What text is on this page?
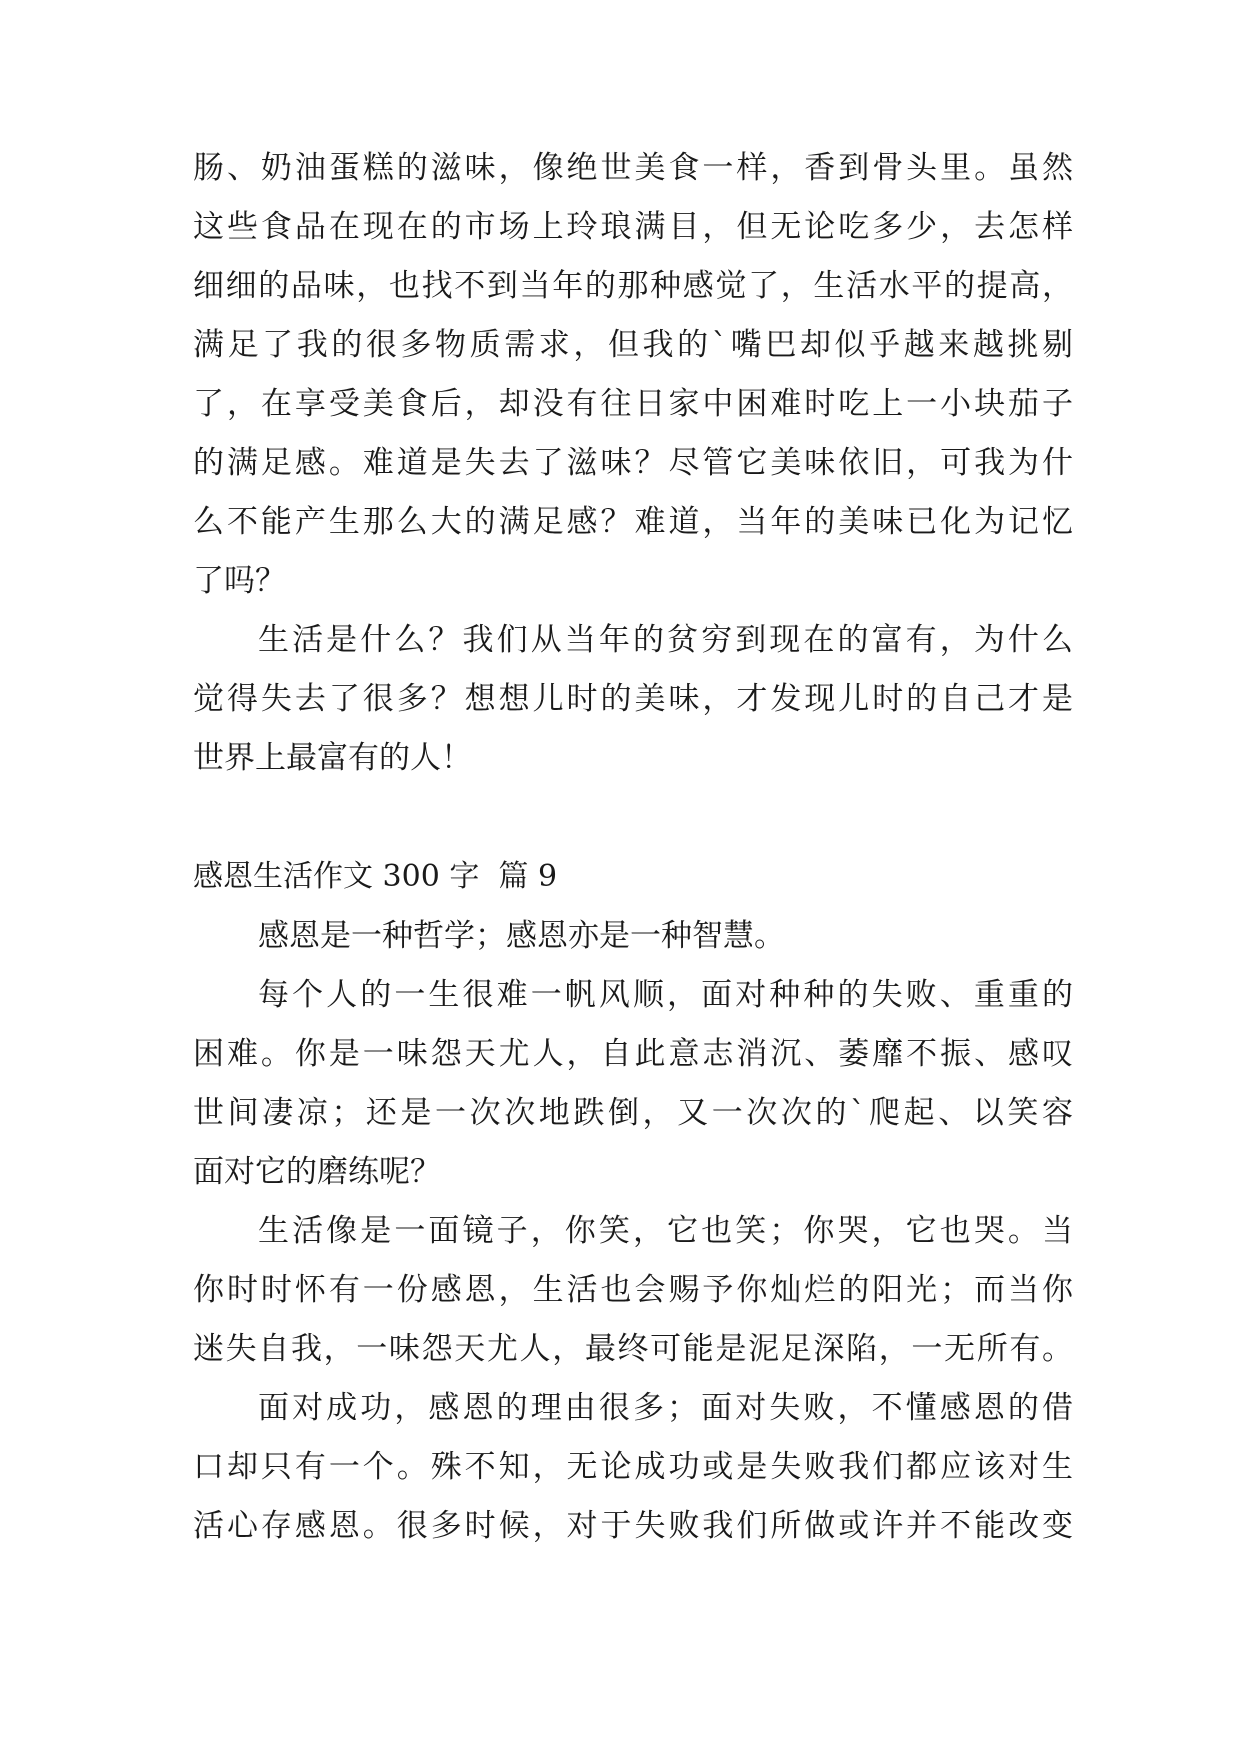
肠、奶油蛋糕的滋味，像绝世美食一样，香到骨头里。虽然
这些食品在现在的市场上玲琅满目，但无论吃多少，去怎样
细细的品味，也找不到当年的那种感觉了，生活水平的提高，
满足了我的很多物质需求，但我的`嘴巴却似乎越来越挑剔
了，在享受美食后，却没有往日家中困难时吃上一小块茄子
的满足感。难道是失去了滋味？尽管它美味依旧，可我为什
么不能产生那么大的满足感？难道，当年的美味已化为记忆
了吗？
生活是什么？我们从当年的贫穷到现在的富有，为什么
觉得失去了很多？想想儿时的美味，才发现儿时的自己才是
世界上最富有的人！
感恩生活作文 300 字  篇 9
感恩是一种哲学；感恩亦是一种智慧。
每个人的一生很难一帆风顺，面对种种的失败、重重的
困难。你是一味怨天尤人，自此意志消沉、萎靡不振、感叹
世间凄凉；还是一次次地跌倒，又一次次的`爬起、以笑容
面对它的磨练呢？
生活像是一面镜子，你笑，它也笑；你哭，它也哭。当
你时时怀有一份感恩，生活也会赐予你灿烂的阳光；而当你
迷失自我，一味怨天尤人，最终可能是泥足深陷，一无所有。
面对成功，感恩的理由很多；面对失败，不懂感恩的借
口却只有一个。殊不知，无论成功或是失败我们都应该对生
活心存感恩。很多时候，对于失败我们所做或许并不能改变
